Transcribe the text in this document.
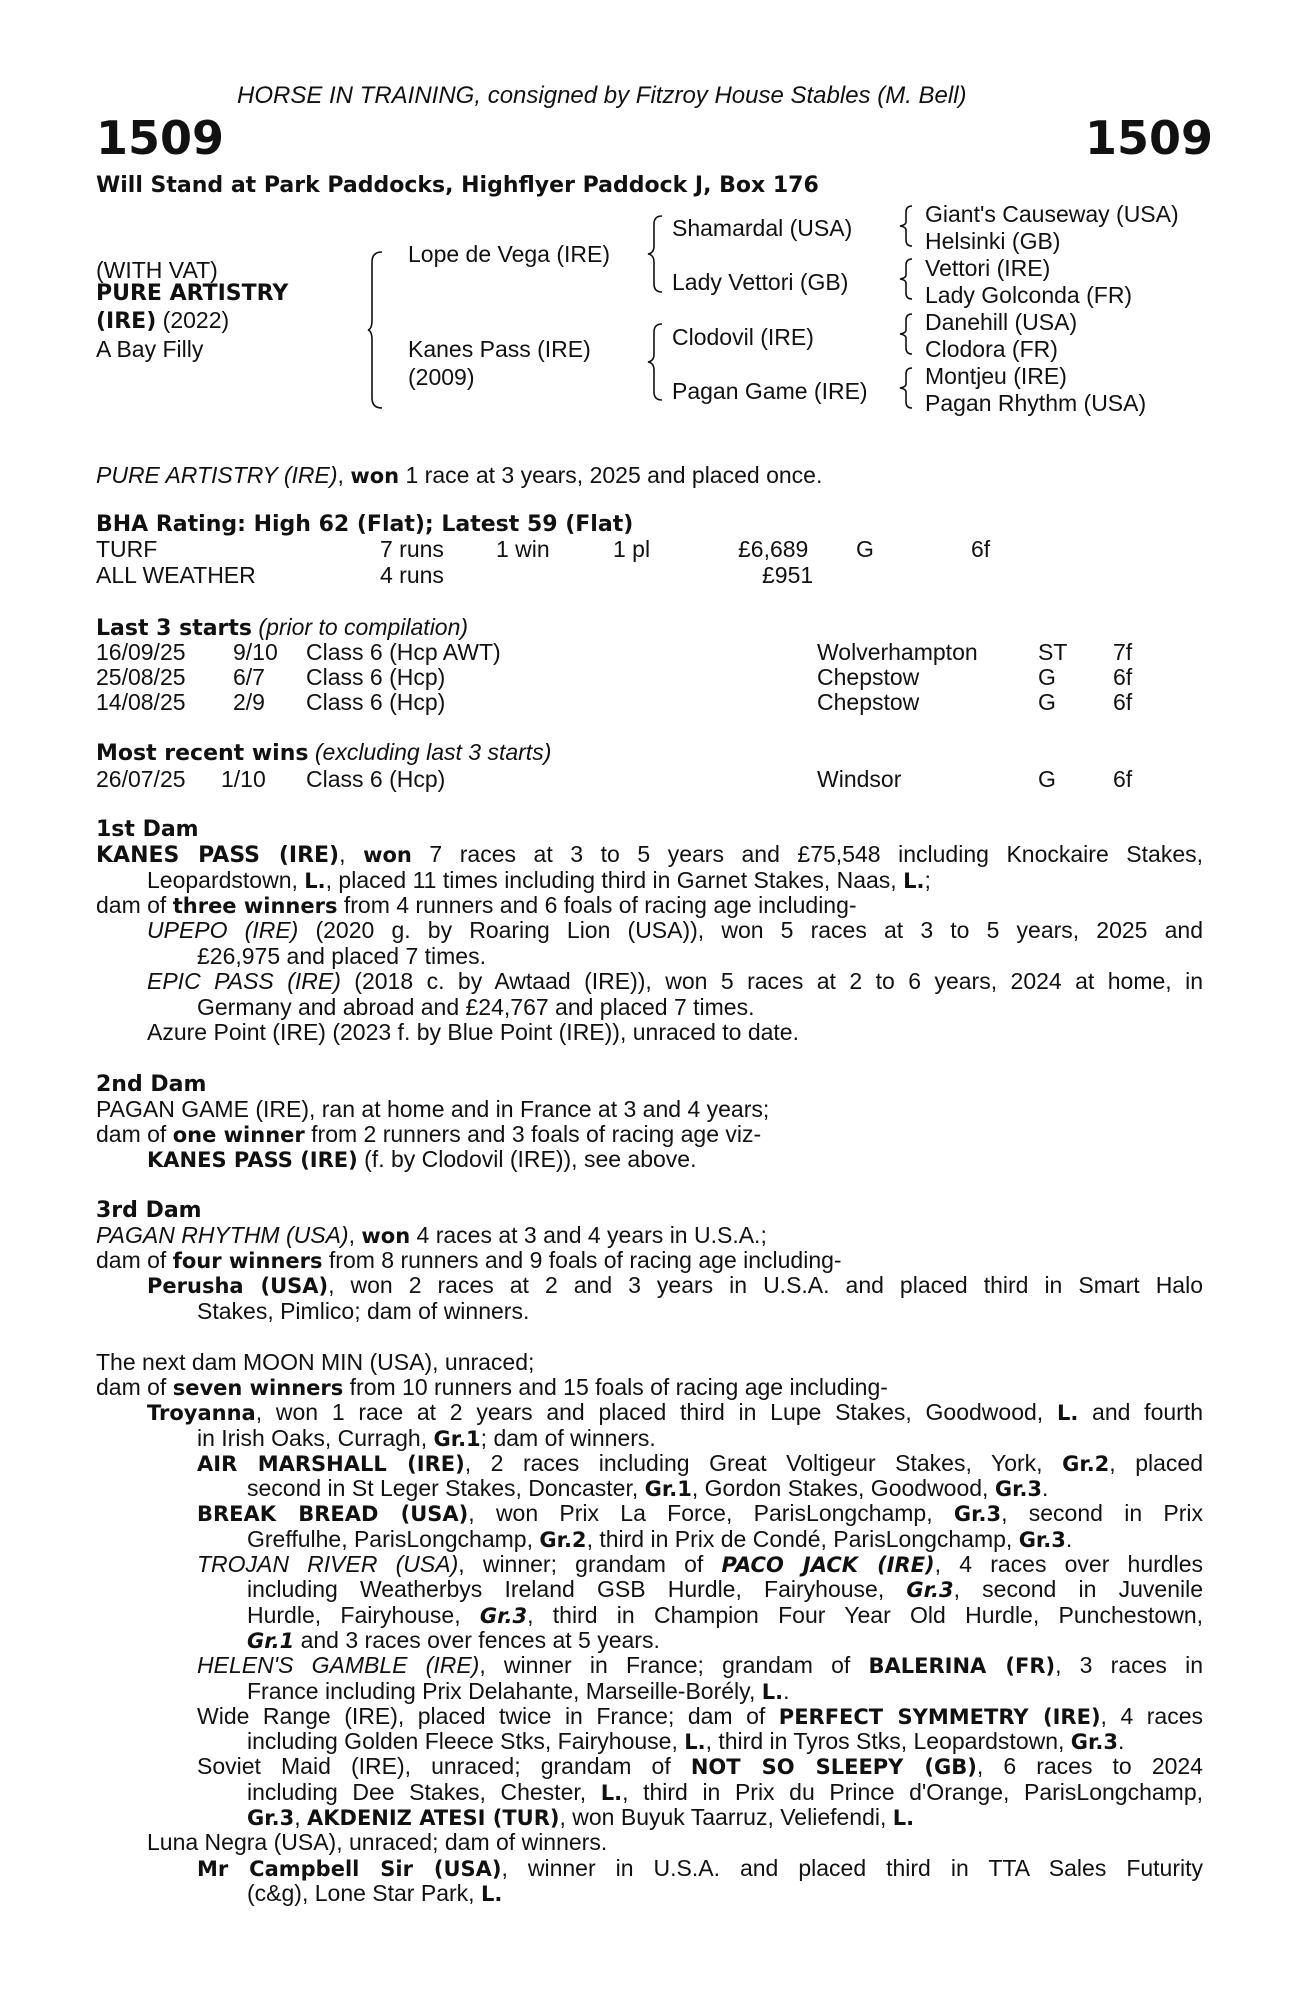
HORSE IN TRAINING, consigned by Fitzroy House Stables (M. Bell)
1509	1509
Will Stand at Park Paddocks, Highflyer Paddock J, Box 176
(WITH VAT)
PURE ARTISTRY
(IRE) (2022)
A Bay Filly
Lope de Vega (IRE)
Kanes Pass (IRE)
(2009)
Shamardal (USA)
Lady Vettori (GB)
Clodovil (IRE)
Pagan Game (IRE)
Giant's Causeway (USA)
Helsinki (GB)
Vettori (IRE)
Lady Golconda (FR)
Danehill (USA)
Clodora (FR)
Montjeu (IRE)
Pagan Rhythm (USA)
PURE ARTISTRY (IRE), won 1 race at 3 years, 2025 and placed once.
BHA Rating: High 62 (Flat); Latest 59 (Flat)
TURF	7 runs 1 win	1 pl	£6,689 G	6f
ALL WEATHER	4 runs	£951
Last 3 starts (prior to compilation)
16/09/25 9/10 Class 6 (Hcp AWT)	Wolverhampton	ST 7f
25/08/25 6/7 Class 6 (Hcp)	Chepstow	G 6f
14/08/25 2/9 Class 6 (Hcp)	Chepstow	G 6f
Most recent wins (excluding last 3 starts)
26/07/25 1/10 Class 6 (Hcp)	Windsor	G 6f
1st Dam
KANES PASS (IRE), won 7 races at 3 to 5 years and £75,548 including Knockaire Stakes,
Leopardstown, L., placed 11 times including third in Garnet Stakes, Naas, L.;
dam of three winners from 4 runners and 6 foals of racing age including-
UPEPO (IRE) (2020 g. by Roaring Lion (USA)), won 5 races at 3 to 5 years, 2025 and
£26,975 and placed 7 times.
EPIC PASS (IRE) (2018 c. by Awtaad (IRE)), won 5 races at 2 to 6 years, 2024 at home, in
Germany and abroad and £24,767 and placed 7 times.
Azure Point (IRE) (2023 f. by Blue Point (IRE)), unraced to date.
2nd Dam
PAGAN GAME (IRE), ran at home and in France at 3 and 4 years;
dam of one winner from 2 runners and 3 foals of racing age viz-
KANES PASS (IRE) (f. by Clodovil (IRE)), see above.
3rd Dam
PAGAN RHYTHM (USA), won 4 races at 3 and 4 years in U.S.A.;
dam of four winners from 8 runners and 9 foals of racing age including-
Perusha (USA), won 2 races at 2 and 3 years in U.S.A. and placed third in Smart Halo
Stakes, Pimlico; dam of winners.
The next dam MOON MIN (USA), unraced;
dam of seven winners from 10 runners and 15 foals of racing age including-
Troyanna, won 1 race at 2 years and placed third in Lupe Stakes, Goodwood, L. and fourth
in Irish Oaks, Curragh, Gr.1; dam of winners.
AIR MARSHALL (IRE), 2 races including Great Voltigeur Stakes, York, Gr.2, placed
second in St Leger Stakes, Doncaster, Gr.1, Gordon Stakes, Goodwood, Gr.3.
BREAK BREAD (USA), won Prix La Force, ParisLongchamp, Gr.3, second in Prix
Greffulhe, ParisLongchamp, Gr.2, third in Prix de Condé, ParisLongchamp, Gr.3.
TROJAN RIVER (USA), winner; grandam of PACO JACK (IRE), 4 races over hurdles
including Weatherbys Ireland GSB Hurdle, Fairyhouse, Gr.3, second in Juvenile
Hurdle, Fairyhouse, Gr.3, third in Champion Four Year Old Hurdle, Punchestown,
Gr.1 and 3 races over fences at 5 years.
HELEN'S GAMBLE (IRE), winner in France; grandam of BALERINA (FR), 3 races in
France including Prix Delahante, Marseille-Borély, L..
Wide Range (IRE), placed twice in France; dam of PERFECT SYMMETRY (IRE), 4 races
including Golden Fleece Stks, Fairyhouse, L., third in Tyros Stks, Leopardstown, Gr.3.
Soviet Maid (IRE), unraced; grandam of NOT SO SLEEPY (GB), 6 races to 2024
including Dee Stakes, Chester, L., third in Prix du Prince d'Orange, ParisLongchamp,
Gr.3, AKDENIZ ATESI (TUR), won Buyuk Taarruz, Veliefendi, L.
Luna Negra (USA), unraced; dam of winners.
Mr Campbell Sir (USA), winner in U.S.A. and placed third in TTA Sales Futurity
(c&g), Lone Star Park, L.
